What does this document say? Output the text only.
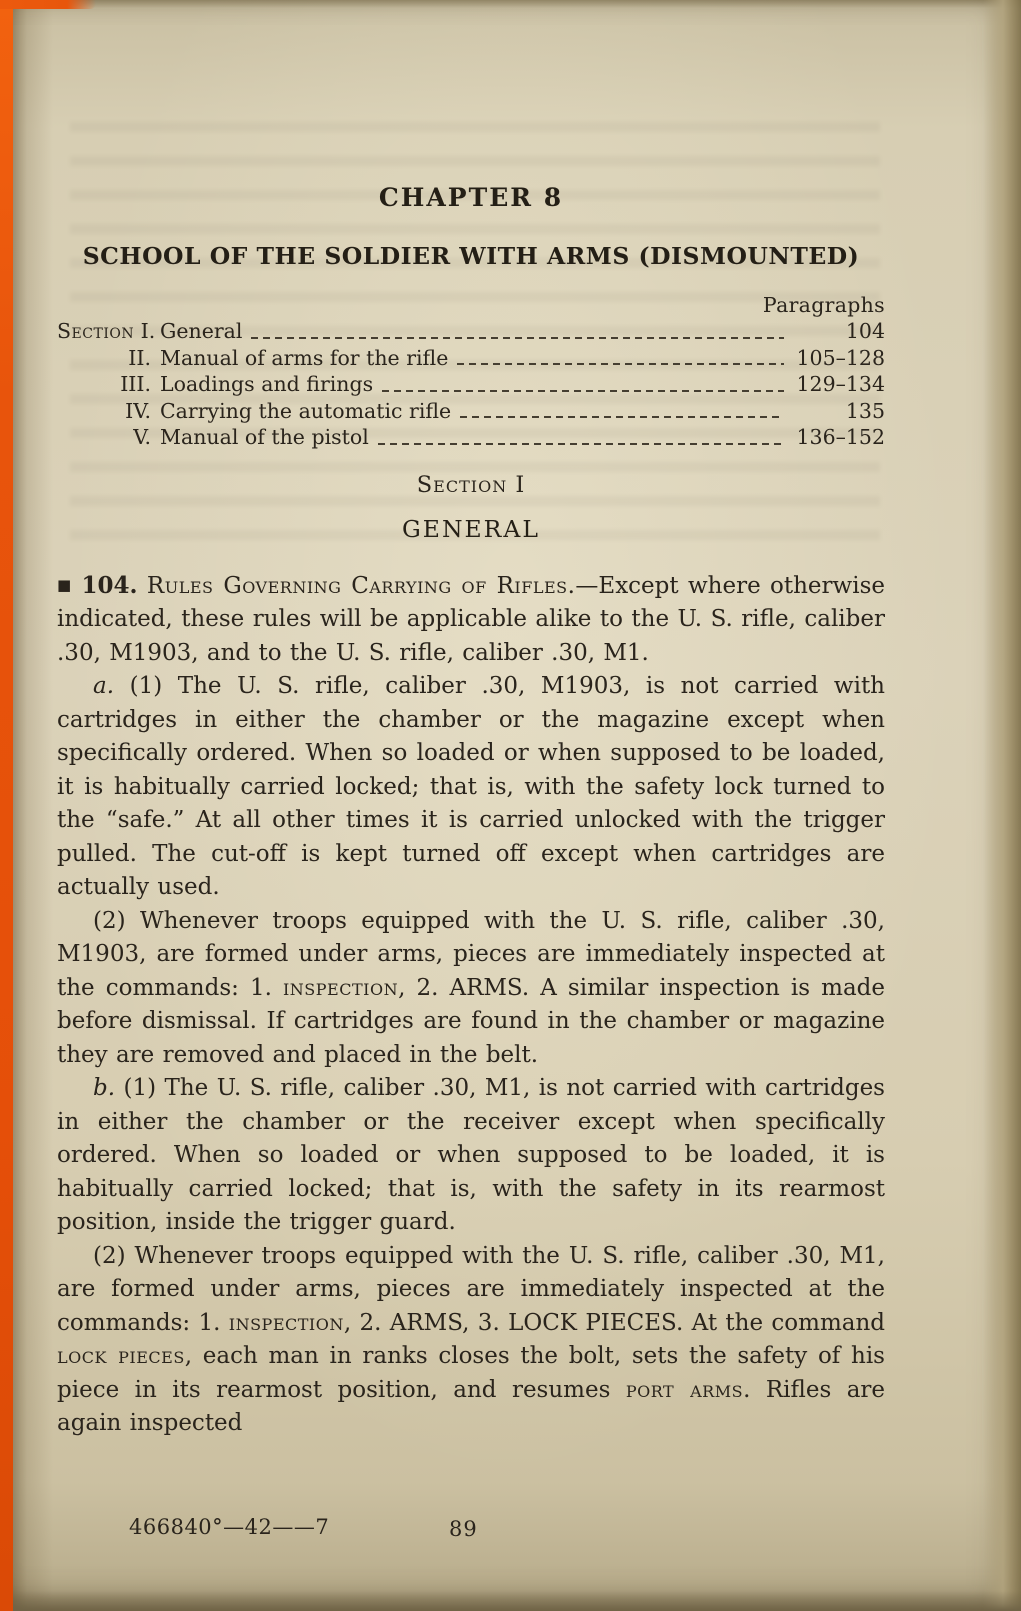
CHAPTER 8
SCHOOL OF THE SOLDIER WITH ARMS (DISMOUNTED)
Paragraphs
Section I. General	104
II. Manual of arms for the rifle	105–128
III. Loadings and firings	129–134
IV. Carrying the automatic rifle	135
V. Manual of the pistol	136–152
Section I
GENERAL

■ 104. Rules Governing Carrying of Rifles.—Except where otherwise indicated, these rules will be applicable alike to the U. S. rifle, caliber .30, M1903, and to the U. S. rifle, caliber .30, M1.

a. (1) The U. S. rifle, caliber .30, M1903, is not carried with cartridges in either the chamber or the magazine except when specifically ordered. When so loaded or when supposed to be loaded, it is habitually carried locked; that is, with the safety lock turned to the “safe.” At all other times it is carried unlocked with the trigger pulled. The cut-off is kept turned off except when cartridges are actually used.

(2) Whenever troops equipped with the U. S. rifle, caliber .30, M1903, are formed under arms, pieces are immediately inspected at the commands: 1. inspection, 2. ARMS. A similar inspection is made before dismissal. If cartridges are found in the chamber or magazine they are removed and placed in the belt.

b. (1) The U. S. rifle, caliber .30, M1, is not carried with cartridges in either the chamber or the receiver except when specifically ordered. When so loaded or when supposed to be loaded, it is habitually carried locked; that is, with the safety in its rearmost position, inside the trigger guard.

(2) Whenever troops equipped with the U. S. rifle, caliber .30, M1, are formed under arms, pieces are immediately inspected at the commands: 1. inspection, 2. ARMS, 3. LOCK PIECES. At the command lock pieces, each man in ranks closes the bolt, sets the safety of his piece in its rearmost position, and resumes port arms. Rifles are again inspected

466840°—42——7	89
